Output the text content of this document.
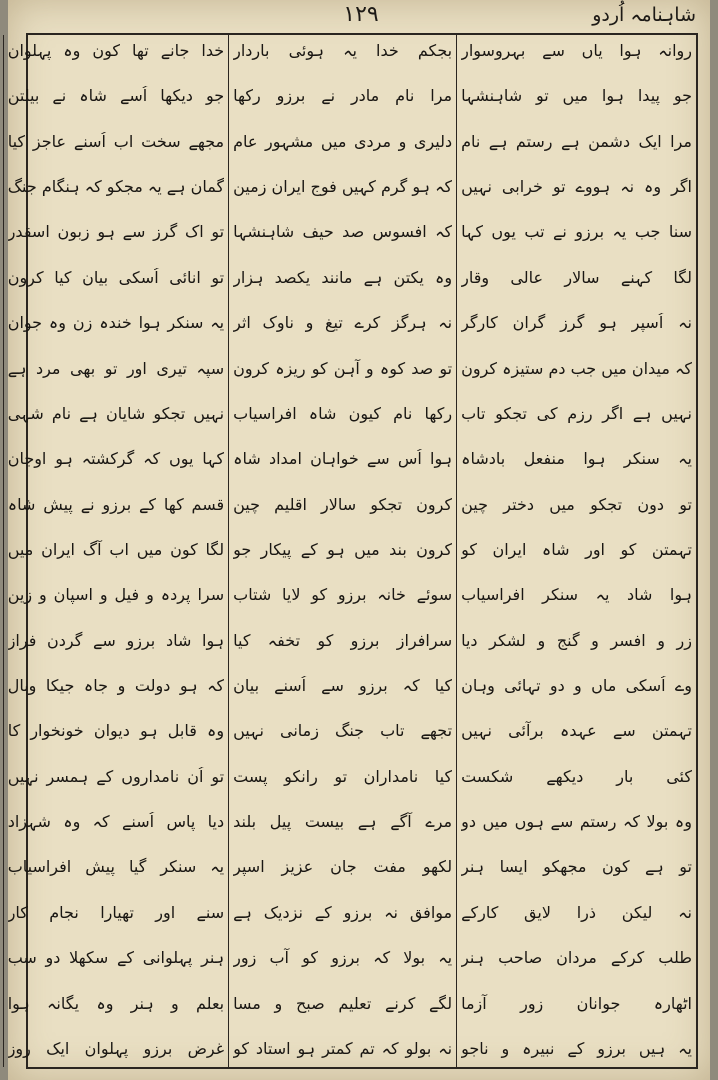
شاہنامہ اُردو
۱۲۹
روانہ ہوا یاں سے بہروسوار
جو پیدا ہوا میں تو شاہنشہا
مرا ایک دشمن ہے رستم ہے نام
اگر وہ نہ ہووے تو خرابی نہیں
سنا جب یہ برزو نے تب یوں کہا
لگا کہنے سالار عالی وقار
نہ اُسپر ہو گرز گران کارگر
کہ میدان میں جب دم ستیزہ کرون
نہیں ہے اگر رزم کی تجکو تاب
یہ سنکر ہوا منفعل بادشاہ
تو دون تجکو میں دختر چین
تہمتن کو اور شاہ ایران کو
ہوا شاد یہ سنکر افراسیاب
زر و افسر و گنج و لشکر دیا
وے اُسکی ماں و دو تہائی وہان
تہمتن سے عہدہ برآئی نہیں
کئی بار دیکھے شکست
وہ بولا کہ رستم سے ہوں میں دو
تو ہے کون مجھکو ایسا ہنر
نہ لیکن ذرا لایق کارکے
طلب کرکے مردان صاحب ہنر
اٹھارہ جوانان زور آزما
یہ ہیں برزو کے نبیرہ و ناجو
بجکم خدا یہ ہوئی باردار
مرا نام مادر نے برزو رکھا
دلیری و مردی میں مشہور عام
کہ ہو گرم کہیں فوج ایران زمین
کہ افسوس صد حیف شاہنشہا
وہ یکتن ہے مانند یکصد ہزار
نہ ہرگز کرے تیغ و ناوک اثر
تو صد کوہ و آہن کو ریزہ کرون
رکھا نام کیون شاہ افراسیاب
ہوا اُس سے خواہان امداد شاہ
کرون تجکو سالار اقلیم چین
کرون بند میں ہو کے پیکار جو
سوئے خانہ برزو کو لایا شتاب
سرافراز برزو کو تخفہ کیا
کیا کہ برزو سے اُسنے بیان
تجھے تاب جنگ زمانی نہیں
کیا نامداران تو رانکو پست
مرے آگے ہے بیست پیل بلند
لکھو مفت جان عزیز اسپر
موافق نہ برزو کے نزدیک ہے
یہ بولا کہ برزو کو آب زور
لگے کرنے تعلیم صبح و مسا
نہ بولو کہ تم کمتر ہو استاد کو
خدا جانے تھا کون وہ پہلوان
جو دیکھا اُسے شاہ نے بیلتن
مجھے سخت اب اُسنے عاجز کیا
گمان ہے یہ مجکو کہ ہنگام جنگ
تو اک گرز سے ہو زبون اسقدر
تو انائی اُسکی بیان کیا کرون
یہ سنکر ہوا خندہ زن وہ جوان
سپہ تیری اور تو بھی مرد ہے
نہیں تجکو شایان ہے نام شہی
کہا یوں کہ گرکشتہ ہو اوجان
قسم کھا کے برزو نے پیش شاہ
لگا کون میں اب آگ ایران میں
سرا پردہ و فیل و اسپان و زین
ہوا شاد برزو سے گردن فراز
کہ ہو دولت و جاہ جیکا وبال
وہ قابل ہو دیوان خونخوار کا
تو اُن نامداروں کے ہمسر نہیں
دیا پاس اُسنے کہ وہ شہزاد
یہ سنکر گیا پیشِ افراسیاب
سنے اور تھیارا نجام کار
ہنر پہلوانی کے سکھلا دو سب
بعلم و ہنر وہ یگانہ ہوا
غرض برزو پہلوان ایک روز
